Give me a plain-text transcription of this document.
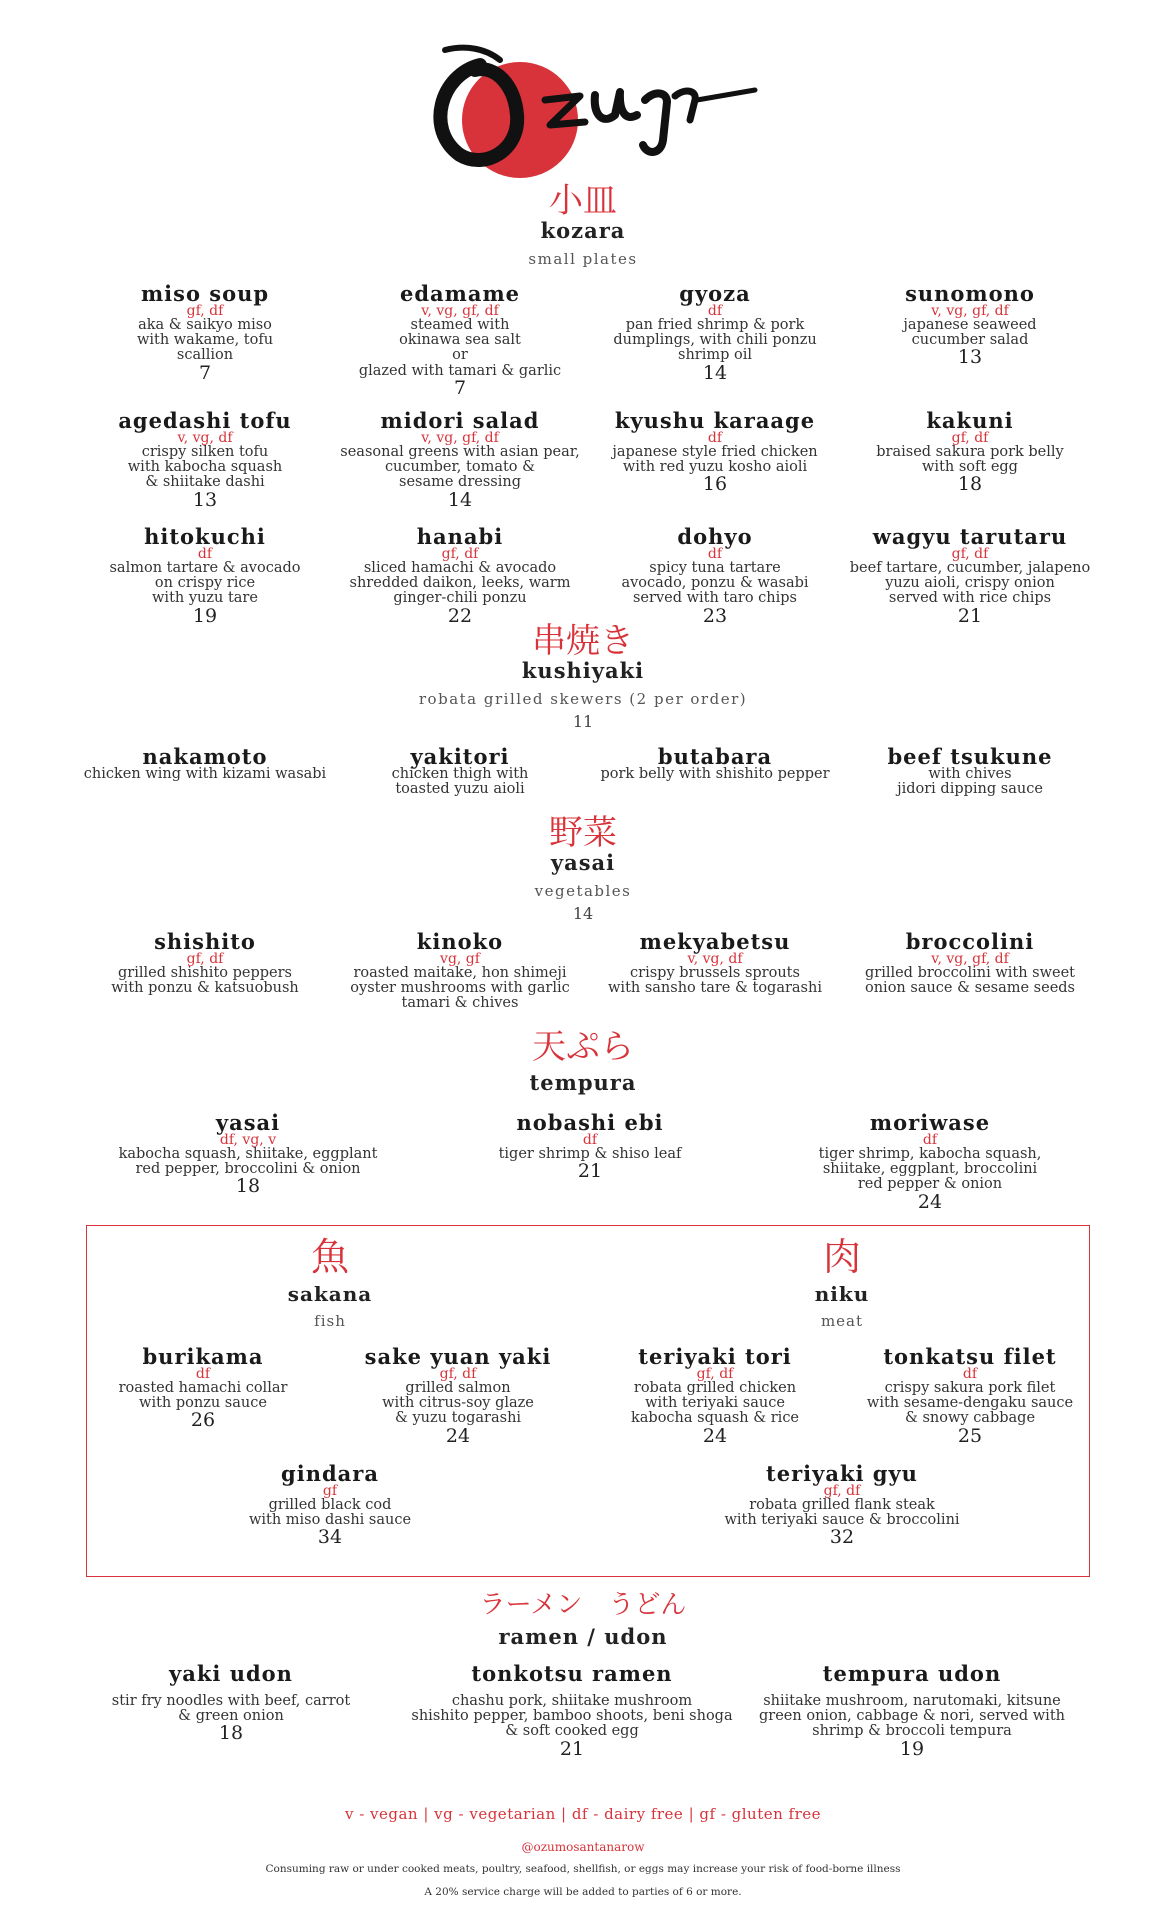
小皿
kozara
small plates
miso soup
gf, df
aka & saikyo miso
with wakame, tofu
scallion
7
edamame
v, vg, gf, df
steamed with
okinawa sea salt
or
glazed with tamari & garlic
7
gyoza
df
pan fried shrimp & pork
dumplings, with chili ponzu
shrimp oil
14
sunomono
v, vg, gf, df
japanese seaweed
cucumber salad
13
agedashi tofu
v, vg, df
crispy silken tofu
with kabocha squash
& shiitake dashi
13
midori salad
v, vg, gf, df
seasonal greens with asian pear,
cucumber, tomato &
sesame dressing
14
kyushu karaage
df
japanese style fried chicken
with red yuzu kosho aioli
16
kakuni
gf, df
braised sakura pork belly
with soft egg
18
hitokuchi
df
salmon tartare & avocado
on crispy rice
with yuzu tare
19
hanabi
gf, df
sliced hamachi & avocado
shredded daikon, leeks, warm
ginger-chili ponzu
22
dohyo
df
spicy tuna tartare
avocado, ponzu & wasabi
served with taro chips
23
wagyu tarutaru
gf, df
beef tartare, cucumber, jalapeno
yuzu aioli, crispy onion
served with rice chips
21
串焼き
kushiyaki
robata grilled skewers (2 per order)
11
nakamoto
chicken wing with kizami wasabi
yakitori
chicken thigh with
toasted yuzu aioli
butabara
pork belly with shishito pepper
beef tsukune
with chives
jidori dipping sauce
野菜
yasai
vegetables
14
shishito
gf, df
grilled shishito peppers
with ponzu & katsuobush
kinoko
vg, gf
roasted maitake, hon shimeji
oyster mushrooms with garlic
tamari & chives
mekyabetsu
v, vg, df
crispy brussels sprouts
with sansho tare & togarashi
broccolini
v, vg, gf, df
grilled broccolini with sweet
onion sauce & sesame seeds
天ぷら
tempura
yasai
df, vg, v
kabocha squash, shiitake, eggplant
red pepper, broccolini & onion
18
nobashi ebi
df
tiger shrimp & shiso leaf
21
moriwase
df
tiger shrimp, kabocha squash,
shiitake, eggplant, broccolini
red pepper & onion
24
魚
sakana
fish
肉
niku
meat
burikama
df
roasted hamachi collar
with ponzu sauce
26
sake yuan yaki
gf, df
grilled salmon
with citrus-soy glaze
& yuzu togarashi
24
teriyaki tori
gf, df
robata grilled chicken
with teriyaki sauce
kabocha squash & rice
24
tonkatsu filet
df
crispy sakura pork filet
with sesame-dengaku sauce
& snowy cabbage
25
gindara
gf
grilled black cod
with miso dashi sauce
34
teriyaki gyu
gf, df
robata grilled flank steak
with teriyaki sauce & broccolini
32
ラーメン　うどん
ramen / udon
yaki udon
stir fry noodles with beef, carrot
& green onion
18
tonkotsu ramen
chashu pork, shiitake mushroom
shishito pepper, bamboo shoots, beni shoga
& soft cooked egg
21
tempura udon
shiitake mushroom, narutomaki, kitsune
green onion, cabbage & nori, served with
shrimp & broccoli tempura
19
v - vegan | vg - vegetarian | df - dairy free | gf - gluten free
@ozumosantanarow
Consuming raw or under cooked meats, poultry, seafood, shellfish, or eggs may increase your risk of food-borne illness
A 20% service charge will be added to parties of 6 or more.
